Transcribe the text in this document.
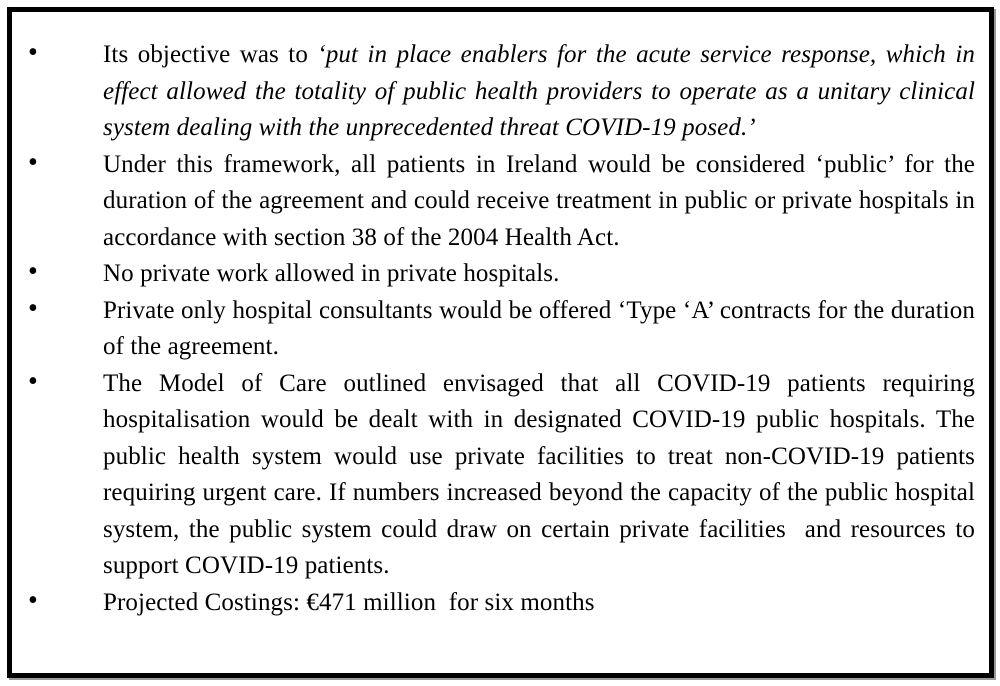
•	Its objective was to ‘put in place enablers for the acute service response, which in effect allowed the totality of public health providers to operate as a unitary clinical system dealing with the unprecedented threat COVID-19 posed.’
•	Under this framework, all patients in Ireland would be considered ‘public’ for the duration of the agreement and could receive treatment in public or private hospitals in accordance with section 38 of the 2004 Health Act.
•	No private work allowed in private hospitals.
•	Private only hospital consultants would be offered ‘Type ‘A’ contracts for the duration of the agreement.
•	The Model of Care outlined envisaged that all COVID-19 patients requiring hospitalisation would be dealt with in designated COVID-19 public hospitals. The public health system would use private facilities to treat non-COVID-19 patients requiring urgent care. If numbers increased beyond the capacity of the public hospital system, the public system could draw on certain private facilities  and resources to support COVID-19 patients.
•	Projected Costings: €471 million  for six months
